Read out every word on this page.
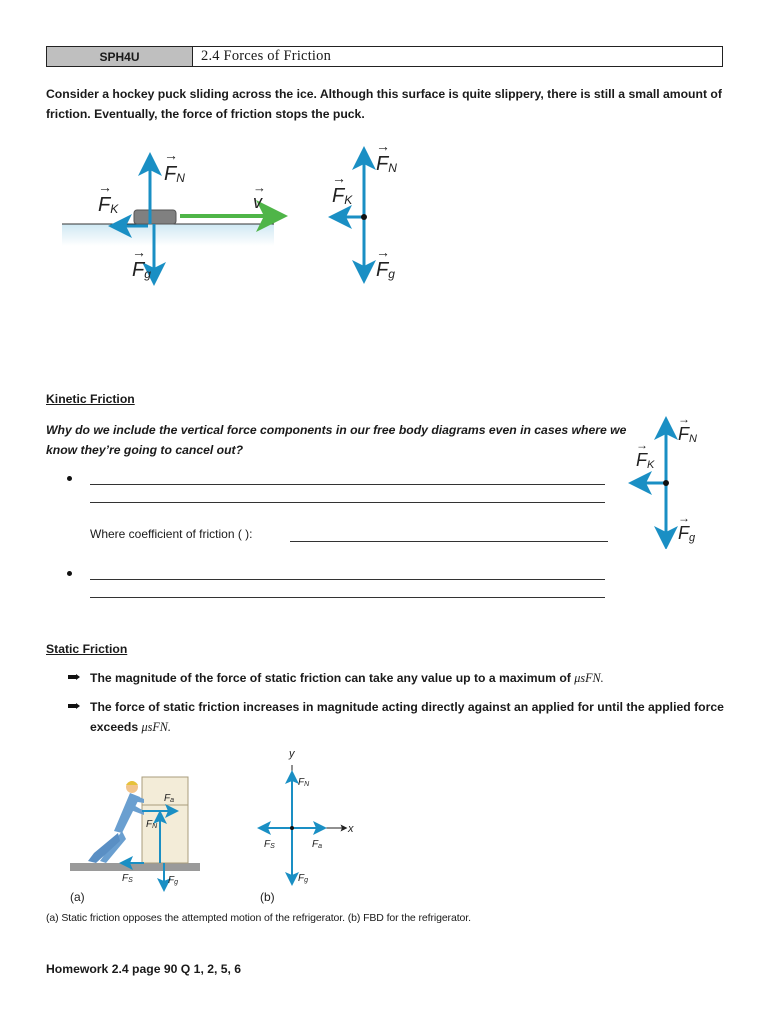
SPH4U	2.4 Forces of Friction
Consider a hockey puck sliding across the ice. Although this surface is quite slippery, there is still a small amount of
friction. Eventually, the force of friction stops the puck.
FN
→
FK
→
Fg
→
v
→
FN
→
FK
→
Fg
→
Kinetic Friction
Why do we include the vertical force components in our free body diagrams even in cases where we
know they’re going to cancel out?
Where coefficient of friction ( ):
FN
→
FK
→
Fg
→
Static Friction
The magnitude of the force of static friction can take any value up to a maximum of μsFN.
The force of static friction increases in magnitude acting directly against an applied for until the applied force
exceeds μsFN.
Fa
FN
Fg
FS
(a)
y
x
FN
Fg
FS	Fa
(b)
(a) Static friction opposes the attempted motion of the refrigerator. (b) FBD for the refrigerator.
Homework 2.4 page 90 Q 1, 2, 5, 6
